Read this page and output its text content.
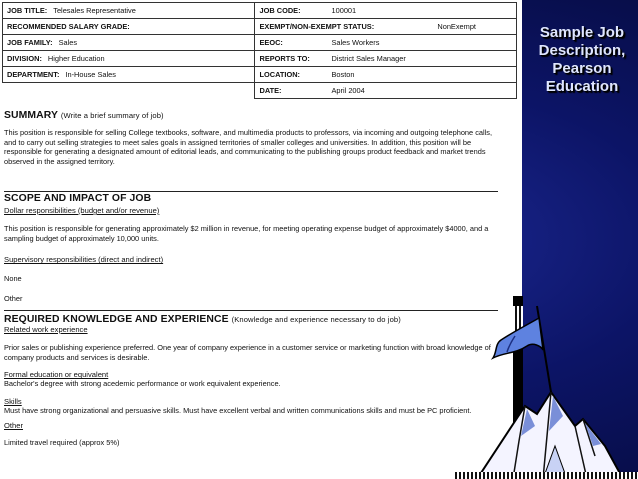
JOB TITLE: Telesales Representative	JOB CODE: 100001

RECOMMENDED SALARY GRADE:	EXEMPT/NON-EXEMPT STATUS: NonExempt

JOB FAMILY: Sales	EEOC: Sales Workers

DIVISION: Higher Education	REPORTS TO: District Sales Manager

DEPARTMENT: In-House Sales	LOCATION: Boston

	DATE: April 2004
SUMMARY (Write a brief summary of job)
This position is responsible for selling College textbooks, software, and multimedia products to professors, via incoming and outgoing telephone calls, and to carry out selling strategies to meet sales goals in assigned territories of smaller colleges and universities. In addition, this position will be responsible for generating a designated amount of editorial leads, and communicating to the publishing groups product feedback and market trends observed in the assigned territory.
SCOPE AND IMPACT OF JOB
Dollar responsibilities (budget and/or revenue)
This position is responsible for generating approximately $2 million in revenue, for meeting operating expense budget of approximately $4000, and a sampling budget of approximately 10,000 units.
Supervisory responsibilities (direct and indirect)
None
Other
REQUIRED KNOWLEDGE AND EXPERIENCE (Knowledge and experience necessary to do job)
Related work experience
Prior sales or publishing experience preferred. One year of company experience in a customer service or marketing function with broad knowledge of company products and services is desirable.
Formal education or equivalent
Bachelor's degree with strong acedemic performance or work equivalent experience.
Skills
Must have strong organizational and persuasive skills. Must have excellent verbal and written communications skills and must be PC proficient.
Other
Limited travel required (approx 5%)
Sample Job Description, Pearson Education
